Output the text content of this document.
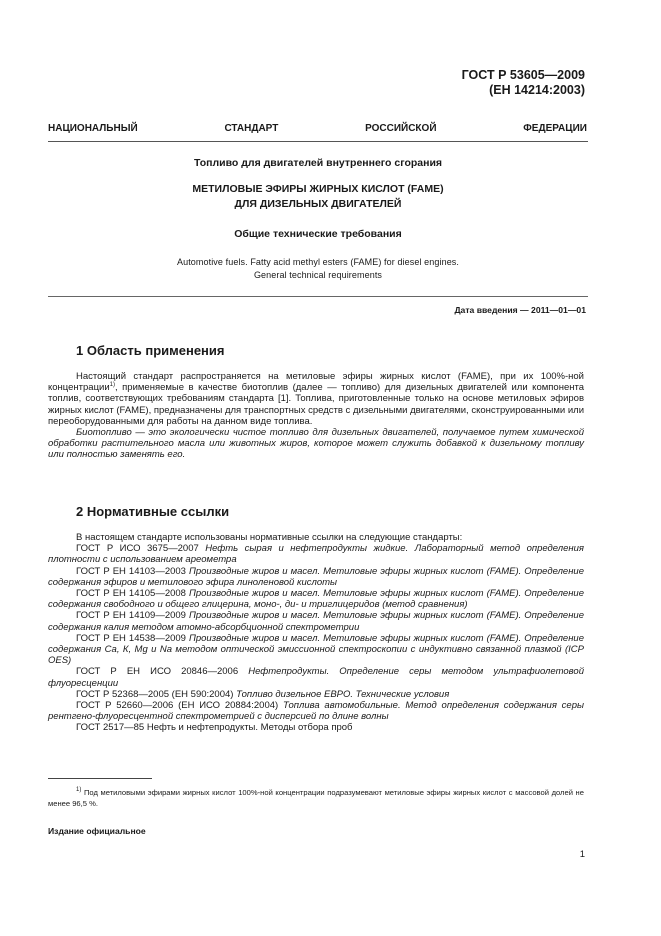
ГОСТ Р 53605—2009
(ЕН 14214:2003)
НАЦИОНАЛЬНЫЙ	СТАНДАРТ	РОССИЙСКОЙ	ФЕДЕРАЦИИ
Топливо для двигателей внутреннего сгорания
МЕТИЛОВЫЕ ЭФИРЫ ЖИРНЫХ КИСЛОТ (FAME)
ДЛЯ ДИЗЕЛЬНЫХ ДВИГАТЕЛЕЙ
Общие технические требования
Automotive fuels. Fatty acid methyl esters (FAME) for diesel engines.
General technical requirements
Дата введения — 2011—01—01
1 Область применения

Настоящий стандарт распространяется на метиловые эфиры жирных кислот (FAME), при их 100%-ной концентрации$^{1)}$, применяемые в качестве биотоплив (далее — топливо) для дизельных двигателей или компонента топлив, соответствующих требованиям стандарта [1]. Топлива, приготовленные только на основе метиловых эфиров жирных кислот (FAME), предназначены для транспортных средств с дизельными двигателями, сконструированными или переоборудованными для работы на данном виде топлива.

Биотопливо — это экологически чистое топливо для дизельных двигателей, получаемое путем химической обработки растительного масла или животных жиров, которое может служить добавкой к дизельному топливу или полностью заменять его.

2 Нормативные ссылки

В настоящем стандарте использованы нормативные ссылки на следующие стандарты:

ГОСТ Р ИСО 3675—2007 Нефть сырая и нефтепродукты жидкие. Лабораторный метод определения плотности с использованием ареометра

ГОСТ Р ЕН 14103—2003 Производные жиров и масел. Метиловые эфиры жирных кислот (FAME). Определение содержания эфиров и метилового эфира линоленовой кислоты

ГОСТ Р ЕН 14105—2008 Производные жиров и масел. Метиловые эфиры жирных кислот (FAME). Определение содержания свободного и общего глицерина, моно-, ди- и триглицеридов (метод сравнения)

ГОСТ Р ЕН 14109—2009 Производные жиров и масел. Метиловые эфиры жирных кислот (FAME). Определение содержания калия методом атомно-абсорбционной спектрометрии

ГОСТ Р ЕН 14538—2009 Производные жиров и масел. Метиловые эфиры жирных кислот (FAME). Определение содержания Са, К, Mg и Na методом оптической эмиссионной спектроскопии с индуктивно связанной плазмой (ICP OES)

ГОСТ Р ЕН ИСО 20846—2006 Нефтепродукты. Определение серы методом ультрафиолетовой флуоресценции

ГОСТ Р 52368—2005 (ЕН 590:2004) Топливо дизельное ЕВРО. Технические условия

ГОСТ Р 52660—2006 (ЕН ИСО 20884:2004) Топлива автомобильные. Метод определения содержания серы рентгено-флуоресцентной спектрометрией с дисперсией по длине волны

ГОСТ 2517—85 Нефть и нефтепродукты. Методы отбора проб

$^{1)}$ Под метиловыми эфирами жирных кислот 100%-ной концентрации подразумевают метиловые эфиры жирных кислот с массовой долей не менее 96,5 %.
Издание официальное
1
